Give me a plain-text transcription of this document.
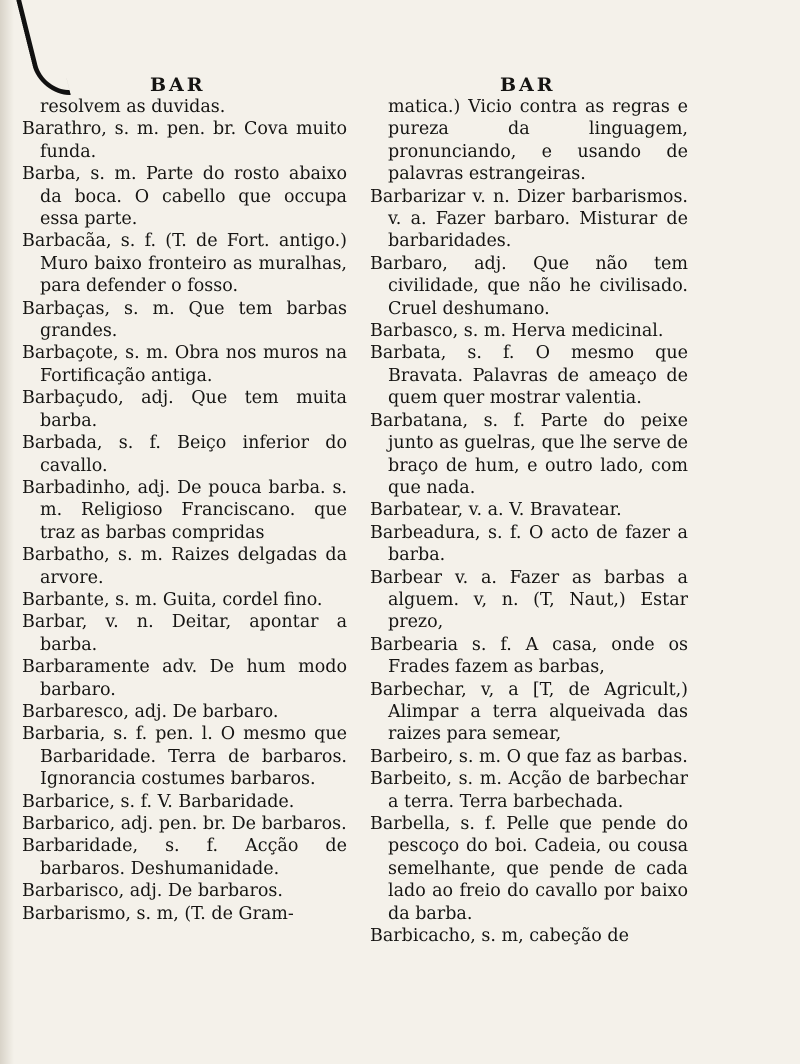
BAR	BAR

resolvem as duvidas.

Barathro, s. m. pen. br. Cova muito funda.

Barba, s. m. Parte do rosto abaixo da boca. O cabello que occupa essa parte.

Barbacãa, s. f. (T. de Fort. antigo.) Muro baixo fronteiro as muralhas, para defender o fosso.

Barbaças, s. m. Que tem barbas grandes.

Barbaçote, s. m. Obra nos muros na Fortificação antiga.

Barbaçudo, adj. Que tem muita barba.

Barbada, s. f. Beiço inferior do cavallo.

Barbadinho, adj. De pouca barba. s. m. Religioso Franciscano. que traz as barbas compridas

Barbatho, s. m. Raizes delgadas da arvore.

Barbante, s. m. Guita, cordel fino.

Barbar, v. n. Deitar, apontar a barba.

Barbaramente adv. De hum modo barbaro.

Barbaresco, adj. De barbaro.

Barbaria, s. f. pen. l. O mesmo que Barbaridade. Terra de barbaros. Ignorancia costumes barbaros.

Barbarice, s. f. V. Barbaridade.

Barbarico, adj. pen. br. De barbaros.

Barbaridade, s. f. Acção de barbaros. Deshumanidade.

Barbarisco, adj. De barbaros.

Barbarismo, s. m, (T. de Gram-

matica.) Vicio contra as regras e pureza da linguagem, pronunciando, e usando de palavras estrangeiras.

Barbarizar v. n. Dizer barbarismos. v. a. Fazer barbaro. Misturar de barbaridades.

Barbaro, adj. Que não tem civilidade, que não he civilisado. Cruel deshumano.

Barbasco, s. m. Herva medicinal.

Barbata, s. f. O mesmo que Bravata. Palavras de ameaço de quem quer mostrar valentia.

Barbatana, s. f. Parte do peixe junto as guelras, que lhe serve de braço de hum, e outro lado, com que nada.

Barbatear, v. a. V. Bravatear.

Barbeadura, s. f. O acto de fazer a barba.

Barbear v. a. Fazer as barbas a alguem. v, n. (T, Naut,) Estar prezo,

Barbearia s. f. A casa, onde os Frades fazem as barbas,

Barbechar, v, a [T, de Agricult,) Alimpar a terra alqueivada das raizes para semear,

Barbeiro, s. m. O que faz as barbas.

Barbeito, s. m. Acção de barbechar a terra. Terra barbechada.

Barbella, s. f. Pelle que pende do pescoço do boi. Cadeia, ou cousa semelhante, que pende de cada lado ao freio do cavallo por baixo da barba.

Barbicacho, s. m, cabeção de
